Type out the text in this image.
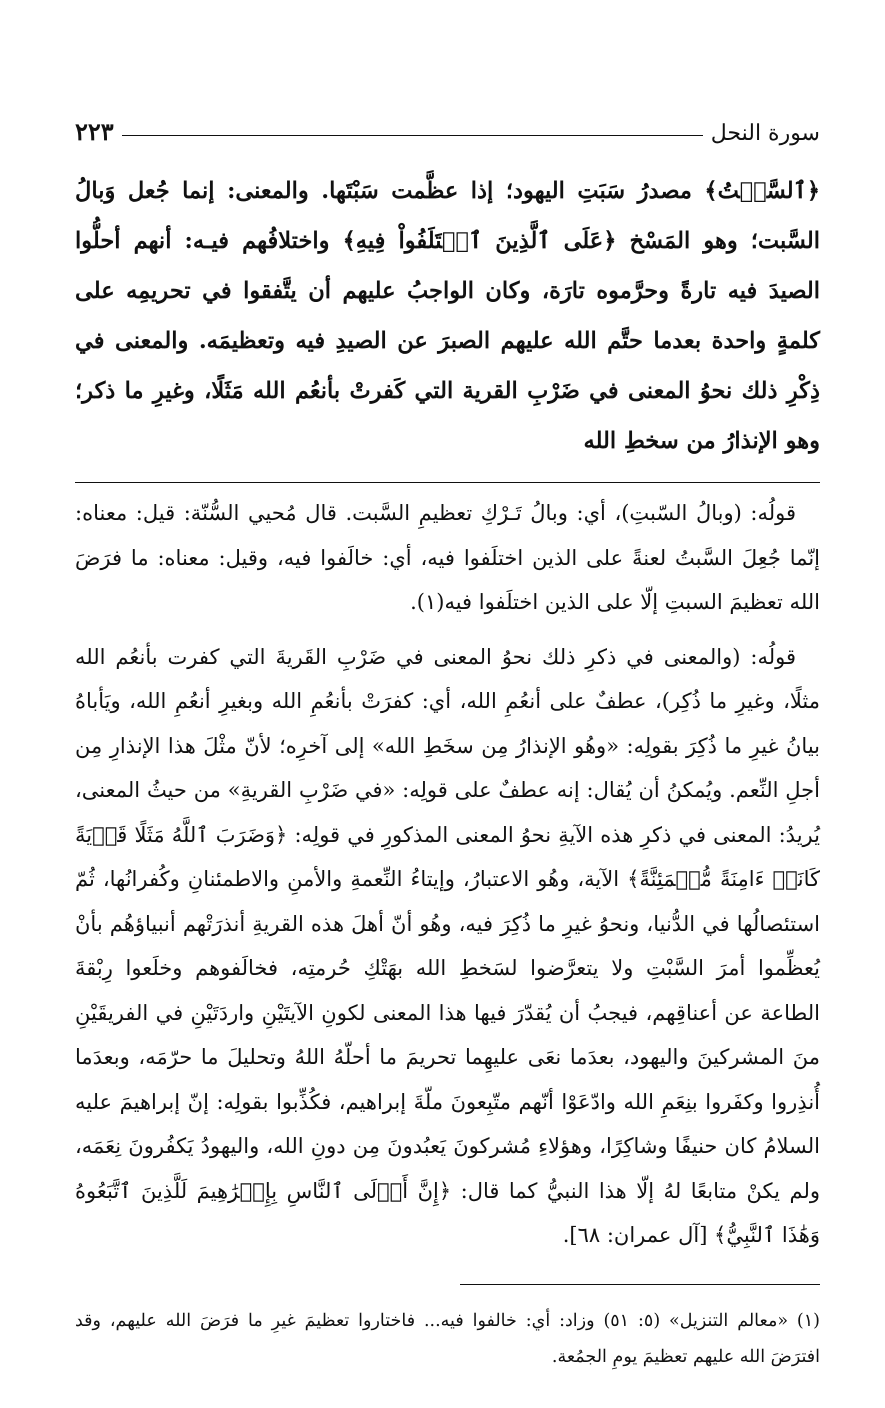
سورة النحل
٢٢٣
﴿ٱلسَّبۡتُ﴾ مصدرُ سَبَتِ اليهود؛ إذا عظَّمت سَبْتَها. والمعنى: إنما جُعل وَبالُ السَّبت؛ وهو المَسْخ ﴿عَلَى ٱلَّذِينَ ٱخۡتَلَفُواْ فِيهِ﴾ واختلافُهم فيـه: أنهم أحلُّوا الصيدَ فيه تارةً وحرَّموه تارَة، وكان الواجبُ عليهم أن يتَّفقوا في تحريمِه على كلمةٍ واحدة بعدما حتَّم الله عليهم الصبرَ عن الصيدِ فيه وتعظيمَه. والمعنى في ذِكْرِ ذلك نحوُ المعنى في ضَرْبِ القرية التي كَفرتْ بأنعُم الله مَثَلًا، وغيرِ ما ذكر؛ وهو الإنذارُ من سخطِ الله

قولُه: (وبالُ السّبتِ)، أي: وبالُ تَـرْكِ تعظيمِ السَّبت. قال مُحيي السُّنّة: قيل: معناه: إنّما جُعِلَ السَّبتُ لعنةً على الذين اختلَفوا فيه، أي: خالَفوا فيه، وقيل: معناه: ما فرَضَ الله تعظيمَ السبتِ إلّا على الذين اختلَفوا فيه(١).

قولُه: (والمعنى في ذكرِ ذلك نحوُ المعنى في ضَرْبِ القَريةَ التي كفرت بأنعُم الله مثلًا، وغيرِ ما ذُكِر)، عطفٌ على أنعُمِ الله، أي: كفرَتْ بأنعُمِ الله وبغيرِ أنعُمِ الله، ويَأباهُ بيانُ غيرِ ما ذُكِرَ بقولِه: «وهُو الإنذارُ مِن سخَطِ الله» إلى آخرِه؛ لأنّ مثْلَ هذا الإنذارِ مِن أجلِ النِّعم. ويُمكنُ أن يُقال: إنه عطفٌ على قولِه: «في ضَرْبِ القريةِ» من حيثُ المعنى، يُريدُ: المعنى في ذكرِ هذه الآيةِ نحوُ المعنى المذكورِ في قولِه: ﴿وَضَرَبَ ٱللَّهُ مَثَلًا قَرۡيَةً كَانَتۡ ءَامِنَةً مُّطۡمَئِنَّةً﴾ الآية، وهُو الاعتبارُ، وإيتاءُ النِّعمةِ والأمنِ والاطمئنانِ وكُفرانُها، ثُمّ استئصالُها في الدُّنيا، ونحوُ غيرِ ما ذُكِرَ فيه، وهُو أنّ أهلَ هذه القريةِ أنذرَتْهم أنبياؤهُم بأنْ يُعظِّموا أمرَ السَّبْتِ ولا يتعرَّضوا لسَخطِ الله بهَتْكِ حُرمتِه، فخالَفوهم وخلَعوا رِبْقةَ الطاعة عن أعناقِهم، فيجبُ أن يُقدّرَ فيها هذا المعنى لكونِ الآيتَيْنِ واردَتَيْنِ في الفريقَيْنِ منَ المشركينَ واليهود، بعدَما نعَى عليهِما تحريمَ ما أحلّهُ اللهُ وتحليلَ ما حرّمَه، وبعدَما أُنذِروا وكفَروا بنِعَمِ الله وادّعَوْا أنّهم متّبِعونَ ملّةَ إبراهيم، فكُذِّبوا بقولِه: إنّ إبراهيمَ عليه السلامُ كان حنيفًا وشاكِرًا، وهؤلاءِ مُشركونَ يَعبُدونَ مِن دونِ الله، واليهودُ يَكفُرونَ نِعَمَه، ولم يكنْ متابعًا لهُ إلّا هذا النبيُّ كما قال: ﴿إِنَّ أَوۡلَى ٱلنَّاسِ بِإِبۡرَٰهِيمَ لَلَّذِينَ ٱتَّبَعُوهُ وَهَٰذَا ٱلنَّبِيُّ﴾ [آل عمران: ٦٨].

(١) «معالم التنزيل» (٥: ٥١) وزاد: أي: خالفوا فيه... فاختاروا تعظيمَ غيرِ ما فرَضَ الله عليهم، وقد افترَضَ الله عليهم تعظيمَ يومِ الجمُعة.
